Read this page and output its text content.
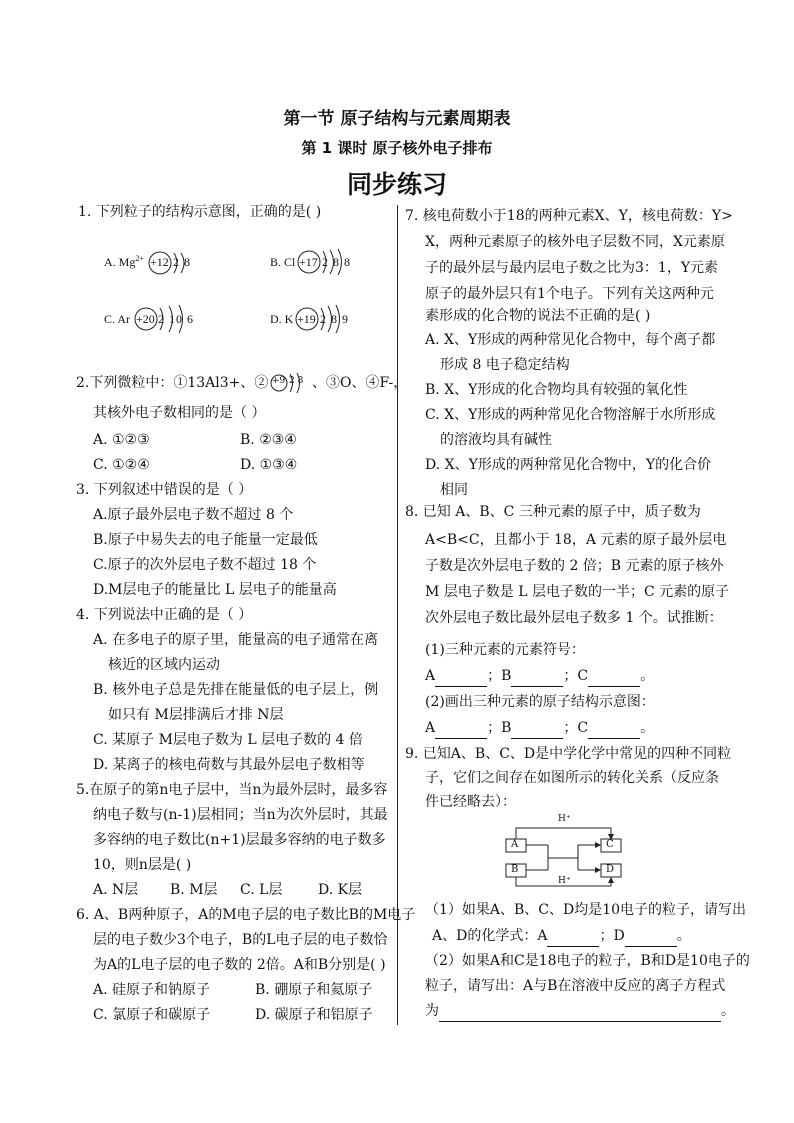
第一节 原子结构与元素周期表
第 1 课时 原子核外电子排布
同步练习
1. 下列粒子的结构示意图，正确的是( )
A. $Mg^{2+} +12$ 2 8	B. Cl +17 2 8 8
C. Ar +20 2 10 6	D. K +19 2 8 9
2.下列微粒中：①13Al3+、② +9 2 8 、③O、④F-，
其核外电子数相同的是（ ）
A. ①②③	B. ②③④
C. ①②④	D. ①③④
3. 下列叙述中错误的是（ ）
A.原子最外层电子数不超过 8 个
B.原子中易失去的电子能量一定最低
C.原子的次外层电子数不超过 18 个
D.M层电子的能量比 L 层电子的能量高
4. 下列说法中正确的是（ ）
A. 在多电子的原子里，能量高的电子通常在离
核近的区域内运动
B. 核外电子总是先排在能量低的电子层上，例
如只有 M层排满后才排 N层
C. 某原子 M层电子数为 L 层电子数的 4 倍
D. 某离子的核电荷数与其最外层电子数相等
5.在原子的第n电子层中，当n为最外层时，最多容
纳电子数与(n-1)层相同；当n为次外层时，其最
多容纳的电子数比(n+1)层最多容纳的电子数多
10，则n层是( )
A. N层 B. M层 C. L层	D. K层
6. A、B两种原子，A的M电子层的电子数比B的M电子
层的电子数少3个电子，B的L电子层的电子数恰
为A的L电子层的电子数的 2倍。A和B分别是( )
A. 硅原子和钠原子	B. 硼原子和氦原子
C. 氯原子和碳原子	D. 碳原子和铝原子
7. 核电荷数小于18的两种元素X、Y，核电荷数：Y>
X，两种元素原子的核外电子层数不同，X元素原
子的最外层与最内层电子数之比为3：1，Y元素
原子的最外层只有1个电子。下列有关这两种元
素形成的化合物的说法不正确的是( )
A. X、Y形成的两种常见化合物中，每个离子都
形成 8 电子稳定结构
B. X、Y形成的化合物均具有较强的氧化性
C. X、Y形成的两种常见化合物溶解于水所形成
的溶液均具有碱性
D. X、Y形成的两种常见化合物中，Y的化合价
相同
8. 已知 A、B、C 三种元素的原子中，质子数为
A<B<C，且都小于 18，A 元素的原子最外层电
子数是次外层电子数的 2 倍；B 元素的原子核外
M 层电子数是 L 层电子数的一半；C 元素的原子
次外层电子数比最外层电子数多 1 个。试推断：
(1)三种元素的元素符号：
A	；B	；C	。
(2)画出三种元素的原子结构示意图：
A	；B	；C	。
9. 已知A、B、C、D是中学化学中常见的四种不同粒
子，它们之间存在如图所示的转化关系（反应条
件已经略去）：
H⁺
H⁺
A
B
C
D
（1）如果A、B、C、D均是10电子的粒子，请写出
A、D的化学式：A	；D	。
（2）如果A和C是18电子的粒子，B和D是10电子的
粒子，请写出：A与B在溶液中反应的离子方程式
为	。
